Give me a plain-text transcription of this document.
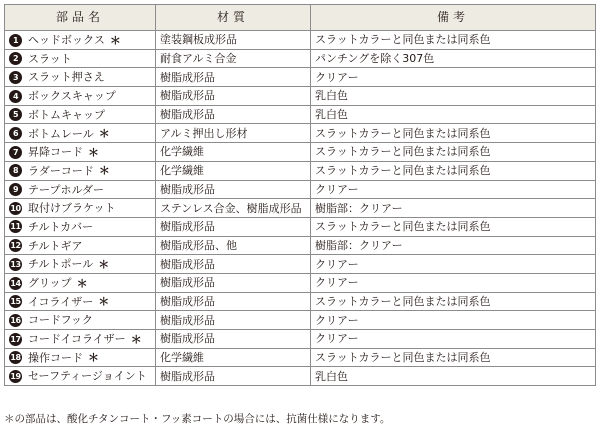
部品名	材質	備考
1 ヘッドボックス ＊	塗装鋼板成形品	スラットカラーと同色または同系色
2 スラット	耐食アルミ合金	パンチングを除く307色
3 スラット押さえ	樹脂成形品	クリアー
4 ボックスキャップ	樹脂成形品	乳白色
5 ボトムキャップ	樹脂成形品	乳白色
6 ボトムレール ＊	アルミ押出し形材	スラットカラーと同色または同系色
7 昇降コード ＊	化学繊維	スラットカラーと同色または同系色
8 ラダーコード ＊	化学繊維	スラットカラーと同色または同系色
9 テープホルダー	樹脂成形品	クリアー
10 取付けブラケット	ステンレス合金、樹脂成形品	樹脂部：クリアー
11 チルトカバー	樹脂成形品	スラットカラーと同色または同系色
12 チルトギア	樹脂成形品、他	樹脂部：クリアー
13 チルトポール ＊	樹脂成形品	クリアー
14 グリップ ＊	樹脂成形品	クリアー
15 イコライザー ＊	樹脂成形品	スラットカラーと同色または同系色
16 コードフック	樹脂成形品	クリアー
17 コードイコライザー ＊	樹脂成形品	クリアー
18 操作コード ＊	化学繊維	スラットカラーと同色または同系色
19 セーフティージョイント	樹脂成形品	乳白色
＊の部品は、酸化チタンコート・フッ素コートの場合には、抗菌仕様になります。
